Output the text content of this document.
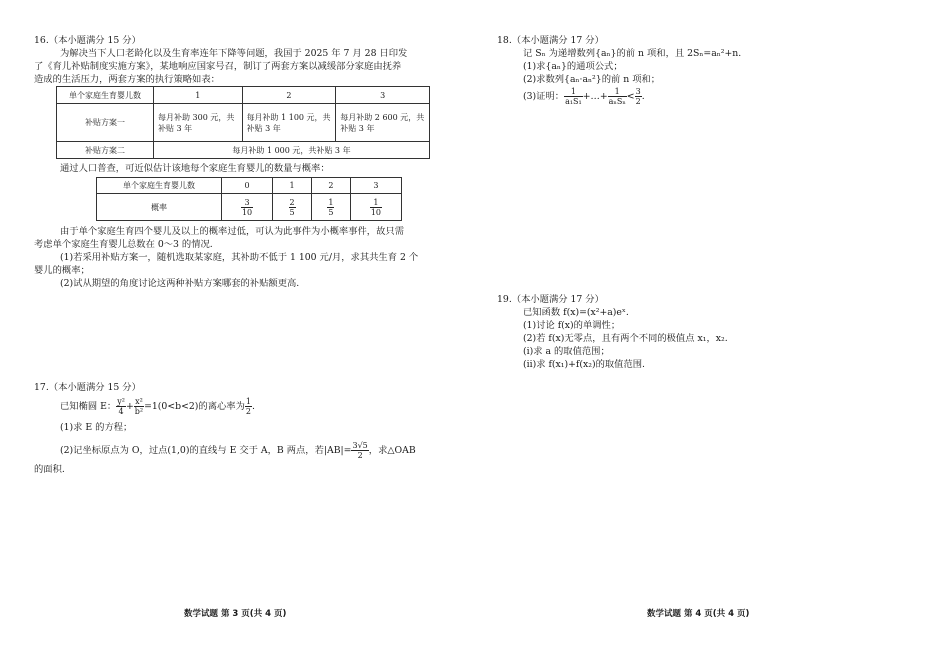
16.（本小题满分 15 分）
为解决当下人口老龄化以及生育率连年下降等问题，我国于 2025 年 7 月 28 日印发
了《育儿补贴制度实施方案》，某地响应国家号召，制订了两套方案以减缓部分家庭由抚养
造成的生活压力，两套方案的执行策略如表：
单个家庭生育婴儿数	1	2	3
补贴方案一	每月补助 300 元，共补贴 3 年	每月补助 1 100 元，共补贴 3 年	每月补助 2 600 元，共补贴 3 年
补贴方案二	每月补助 1 000 元，共补贴 3 年		
通过人口普查，可近似估计该地每个家庭生育婴儿的数量与概率：
单个家庭生育婴儿数	0	1	2	3
概率	$\frac{3}{10}$	$\frac{2}{5}$	$\frac{1}{5}$	$\frac{1}{10}$
由于单个家庭生育四个婴儿及以上的概率过低，可认为此事件为小概率事件，故只需
考虑单个家庭生育婴儿总数在 0～3 的情况.
(1)若采用补贴方案一，随机选取某家庭，其补助不低于 1 100 元/月，求其共生育 2 个
婴儿的概率；
(2)试从期望的角度讨论这两种补贴方案哪套的补贴额更高.
17.（本小题满分 15 分）
已知椭圆 E： $\frac{\text{y²}}{4} + \frac{\text{x²}}{\text{b²}} =1(0<b<2)$的离心率为 $\frac{1}{2}$ .
(1)求 E 的方程；
(2)记坐标原点为 O，过点(1,0)的直线与 E 交于 A，B 两点，若$|AB|= \frac{3√5}{2}$ ，求△OAB
的面积.
数学试题 第 3 页(共 4 页)
18.（本小题满分 17 分）
记 Sₙ 为递增数列{aₙ}的前 n 项和，且 2Sₙ=aₙ²+n.
(1)求{aₙ}的通项公式；
(2)求数列{aₙ·aₙ²}的前 n 项和；
(3)证明： $\frac{1}{\text{a₁S₁}}$ +…+ $\frac{1}{\text{aₙSₙ}} < \frac{3}{2}$ .
19.（本小题满分 17 分）
已知函数 f(x)=(x²+a)eˣ.
(1)讨论 f(x)的单调性；
(2)若 f(x)无零点，且有两个不同的极值点 x₁，x₂.
(ⅰ)求 a 的取值范围；
(ⅱ)求 f(x₁)+f(x₂)的取值范围.
数学试题 第 4 页(共 4 页)
